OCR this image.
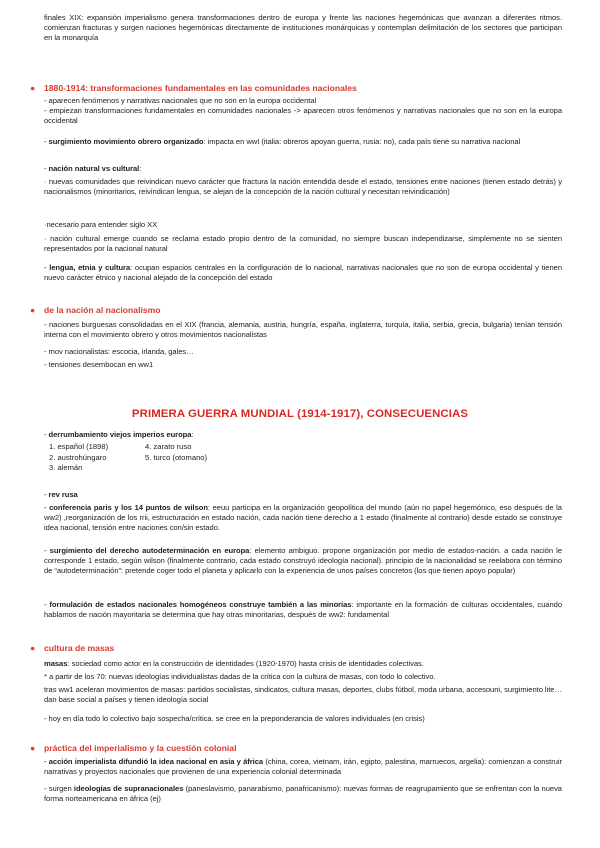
finales XIX: expansión imperialismo genera transformaciones dentro de europa y frente las naciones hegemónicas que avanzan a diferentes ritmos. comienzan fracturas y surgen naciones hegemónicas directamente de instituciones monárquicas y contemplan delimitación de los sectores que participan en la monarquía

● 1880-1914: transformaciones fundamentales en las comunidades nacionales

- aparecen fenómenos y narrativas nacionales que no son en la europa occidental

- empiezan transformaciones fundamentales en comunidades nacionales -> aparecen otros fenómenos y narrativas nacionales que no son en la europa occidental

- surgimiento movimiento obrero organizado: impacta en wwI (italia: obreros apoyan guerra, rusia: no), cada país tiene su narrativa nacional

- nación natural vs cultural:

· nuevas comunidades que reivindican nuevo carácter que fractura la nación entendida desde el estado, tensiones entre naciones (tienen estado detrás) y nacionalismos (minoritarios, reivindican lengua, se alejan de la concepción de la nación cultural y necesitan reivindicación)

·necesario para entender siglo XX

· nación cultural emerge cuando se reclama estado propio dentro de la comunidad, no siempre buscan independizarse, simplemente no se sienten representados por la nacional natural

- lengua, etnia y cultura: ocupan espacios centrales en la configuración de lo nacional, narrativas nacionales que no son de europa occidental y tienen nuevo carácter étnico y nacional alejado de la concepción del estado

● de la nación al nacionalismo

- naciones burguesas consolidadas en el XIX (francia, alemania, austria, hungría, españa, inglaterra, turquía, italia, serbia, grecia, bulgaria) tenían tensión interna con el movimiento obrero y otros movimientos nacionalistas

- mov nacionalistas: escocia, irlanda, gales…

- tensiones desembocan en ww1

PRIMERA GUERRA MUNDIAL (1914-1917), CONSECUENCIAS

- derrumbamiento viejos imperios europa:

1. español (1898)	4. zarato ruso
2. austrohúngaro	5. turco (otomano)
3. alemán

- rev rusa

- conferencia paris y los 14 puntos de wilson: eeuu participa en la organización geopolítica del mundo (aún no papel hegemónico, eso después de la ww2) ,reorganización de los rrii, estructuración en estado nación, cada nación tiene derecho a 1 estado (finalmente al contrario) desde estado se construye idea nacional, tensión entre naciones con/sin estado.

- surgimiento del derecho autodeterminación en europa: elemento ambiguo. propone organización por medio de estados-nación. a cada nación le corresponde 1 estado, según wilson (finalmente contrario, cada estado construyó ideología nacional). principio de la nacionalidad se reelabora con término de “autodeterminación”: pretende coger todo el planeta y aplicarlo con la experiencia de unos países concretos (los que tienen apoyo popular)

- formulación de estados nacionales homogéneos construye también a las minorías: importante en la formación de culturas occidentales, cuando hablamos de nación mayoritaria se determina que hay otras minoritarias, después de ww2: fundamental

● cultura de masas

masas: sociedad como actor en la construcción de identidades (1920-1970) hasta crisis de identidades colectivas.

* a partir de los 70: nuevas ideologías individualistas dadas de la crítica con la cultura de masas, con todo lo colectivo.

tras ww1 aceleran movimientos de masas: partidos socialistas, sindicatos, cultura masas, deportes, clubs fútbol, moda urbana, accesouni, surgimiento lite… dan base social a países y tienen ideología social

- hoy en día todo lo colectivo bajo sospecha/crítica. se cree en la preponderancia de valores individuales (en crisis)

● práctica del imperialismo y la cuestión colonial

- acción imperialista difundió la idea nacional en asia y áfrica (china, corea, vietnam, irán, egipto, palestina, marruecos, argelia): comienzan a construir narrativas y proyectos nacionales que provienen de una experiencia colonial determinada

- surgen ideologías de supranacionales (paneslavismo, panarabismo, panafricanismo): nuevas formas de reagrupamiento que se enfrentan con la nueva forma norteamericana en áfrica (ej)
